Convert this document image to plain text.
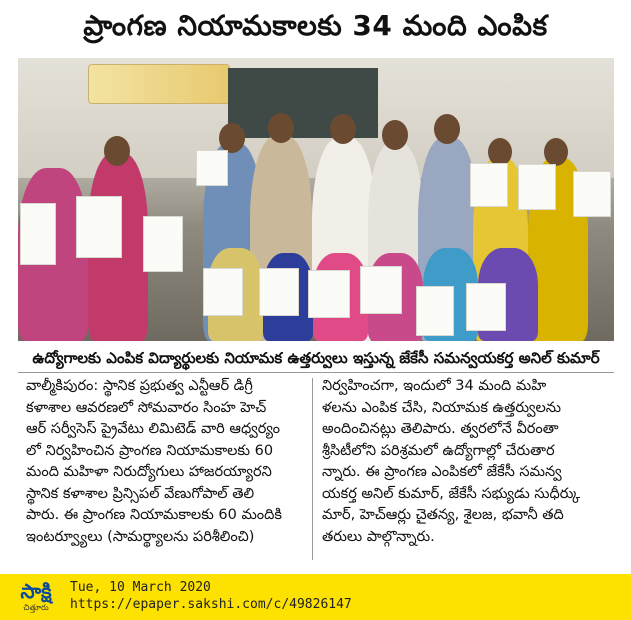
ప్రాంగణ నియామకాలకు 34 మంది ఎంపిక
ఉద్యోగాలకు ఎంపిక విద్యార్థులకు నియామక ఉత్తర్వులు ఇస్తున్న జేకేసీ సమన్వయకర్త అనిల్ కుమార్

వాల్మీకిపురం: స్థానిక ప్రభుత్వ ఎన్టీఆర్ డిగ్రీ

కళాశాల ఆవరణలో సోమవారం సింహ హెచ్

ఆర్ సర్వీసెస్ ప్రైవేటు లిమిటెడ్ వారి ఆధ్వర్యం

లో నిర్వహించిన ప్రాంగణ నియామకాలకు 60

మంది మహిళా నిరుద్యోగులు హాజరయ్యారని

స్థానిక కళాశాల ప్రిన్సిపల్ వేణుగోపాల్ తెలి

పారు. ఈ ప్రాంగణ నియామకాలకు 60 మందికి

ఇంటర్వ్యూలు (సామర్థ్యాలను పరిశీలించి)

నిర్వహించగా, ఇందులో 34 మంది మహి

ళలను ఎంపిక చేసి, నియామక ఉత్తర్వులను

అందించినట్లు తెలిపారు. త్వరలోనే వీరంతా

శ్రీసిటీలోని పరిశ్రమలో ఉద్యోగాల్లో చేరుతార

న్నారు. ఈ ప్రాంగణ ఎంపికలో జేకేసీ సమన్వ

యకర్త అనిల్ కుమార్, జేకేసీ సభ్యుడు సుధీర్కు

మార్, హెచ్ఆర్లు చైతన్య, శైలజ, భవానీ తది

తరులు పాల్గొన్నారు.

సాక్షి
చిత్తూరు
Tue, 10 March 2020
https://epaper.sakshi.com/c/49826147
